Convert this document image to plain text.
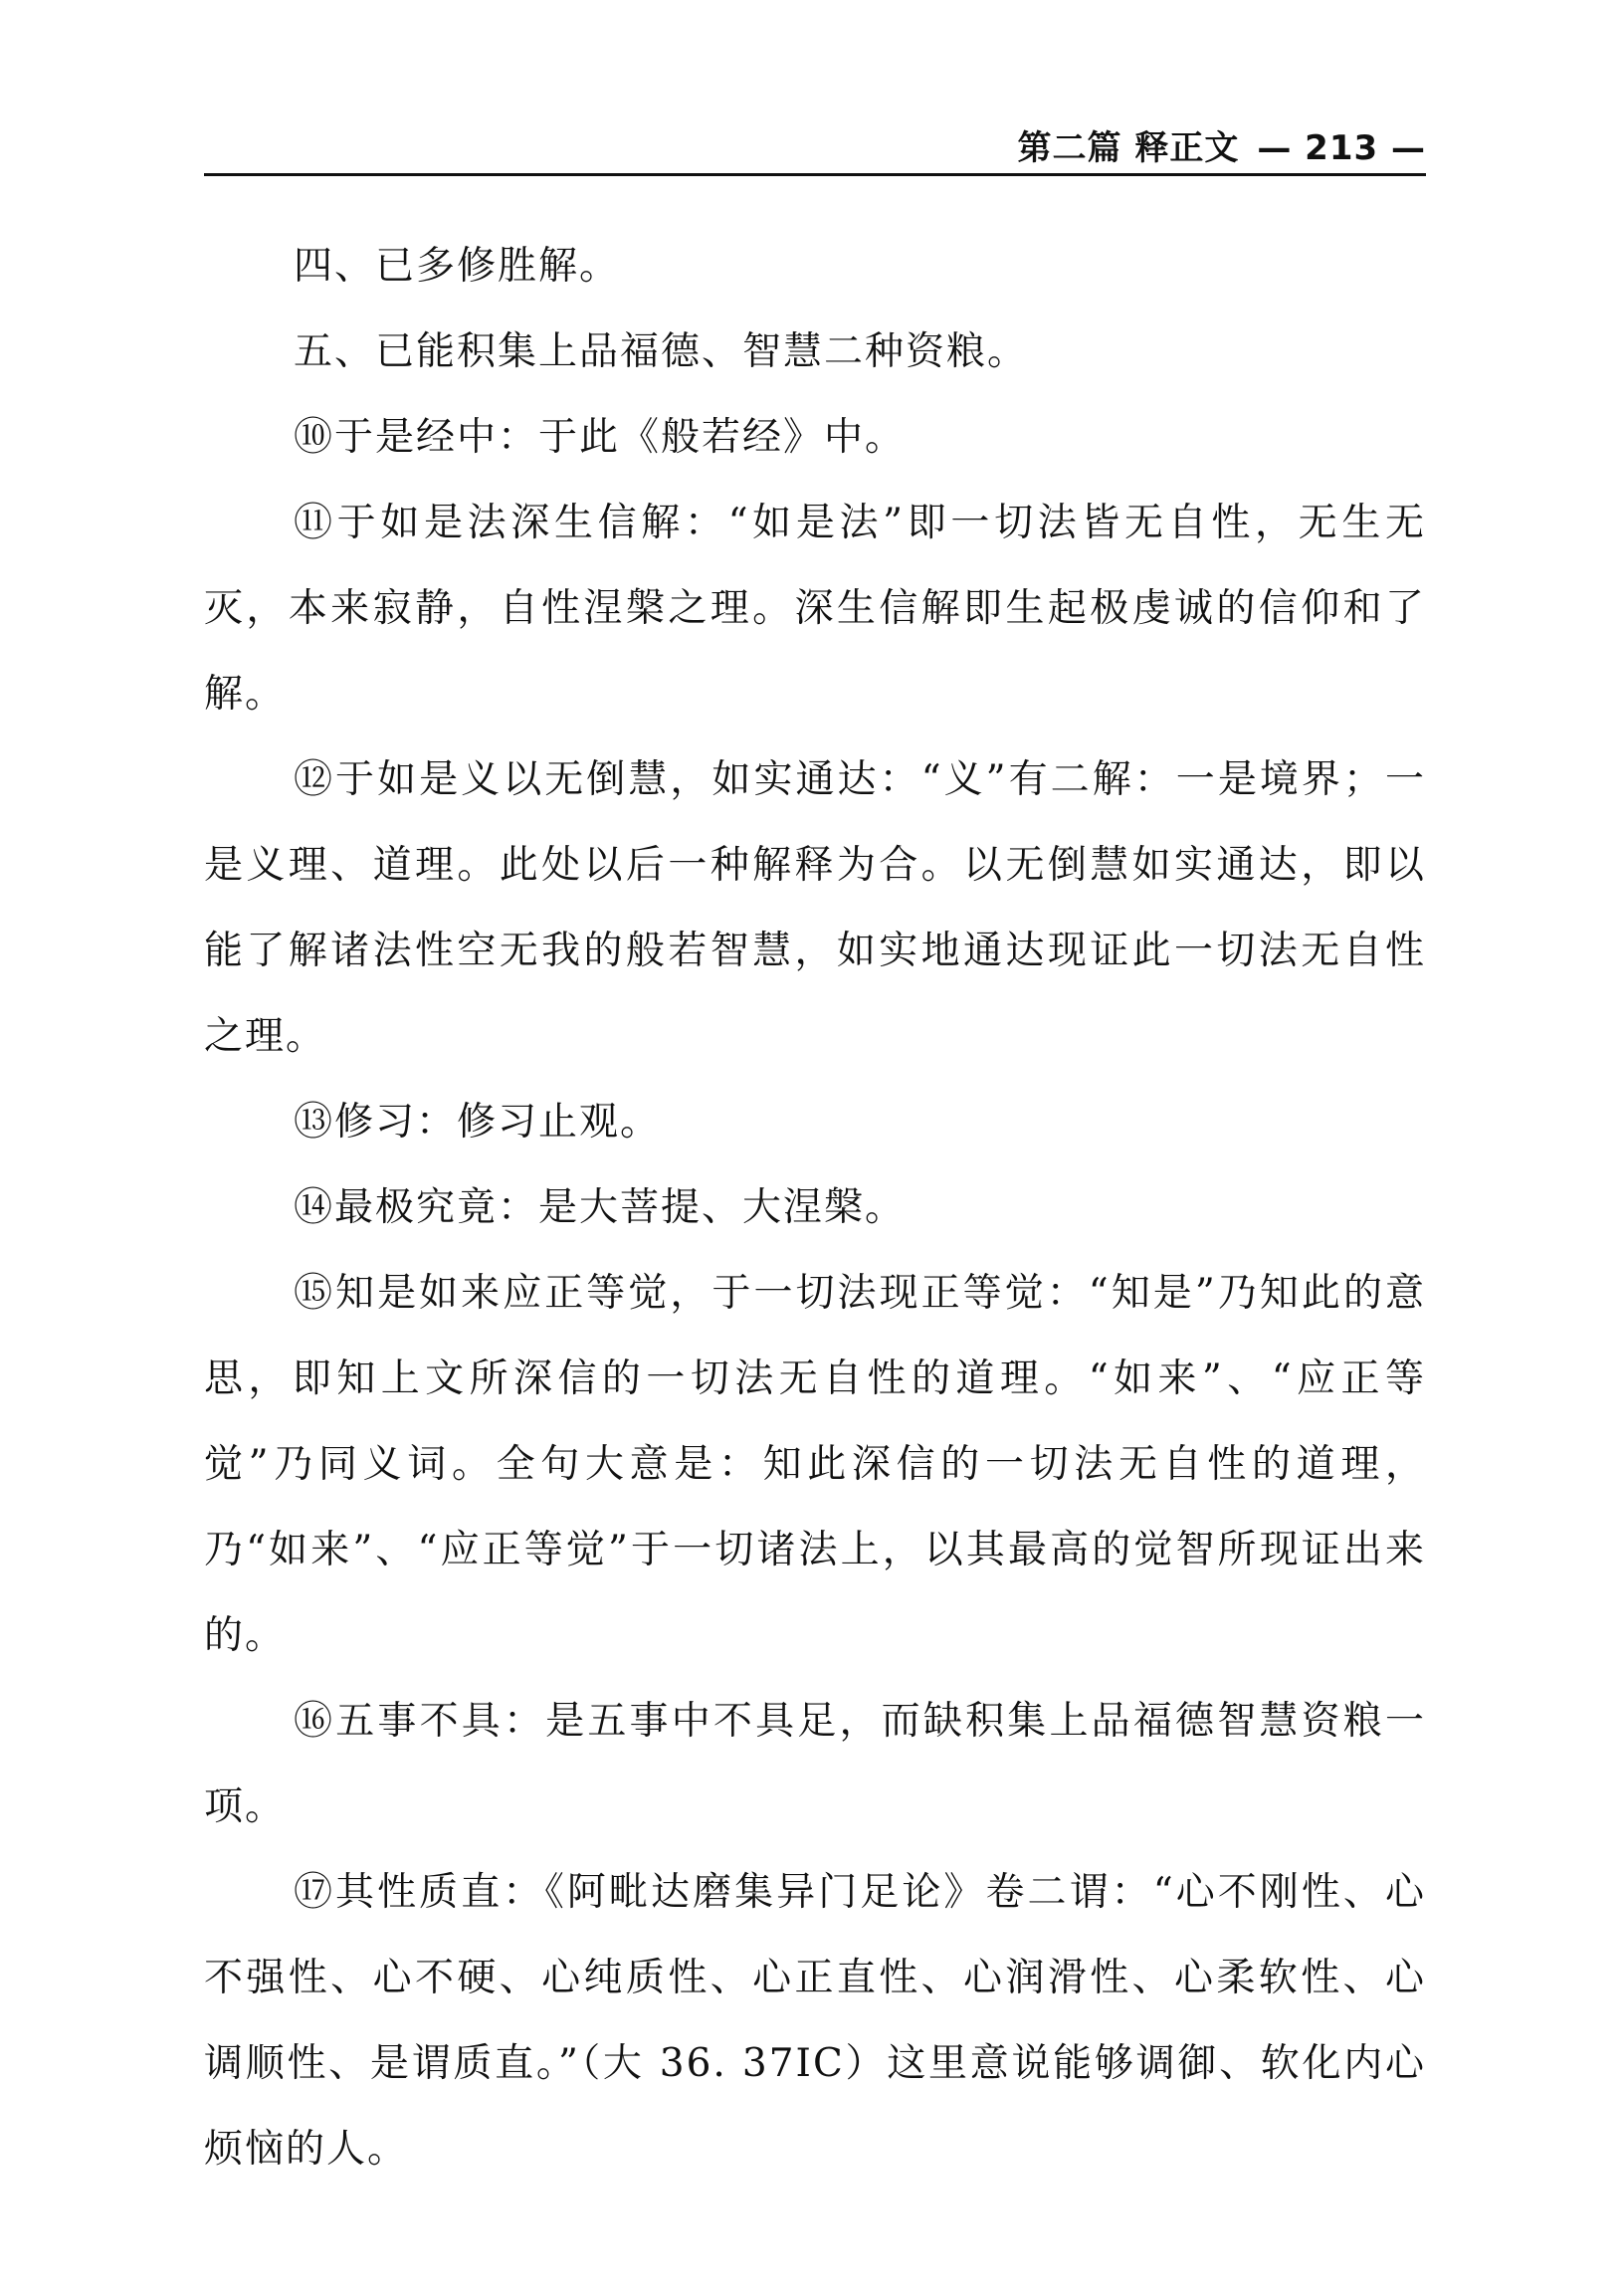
第二篇 释正文 — 213 —

四、已多修胜解。

五、已能积集上品福德、智慧二种资粮。

⑩于是经中：于此《般若经》中。

⑪于如是法深生信解：“如是法”即一切法皆无自性，无生无灭，本来寂静，自性涅槃之理。深生信解即生起极虔诚的信仰和了解。

⑫于如是义以无倒慧，如实通达：“义”有二解：一是境界；一是义理、道理。此处以后一种解释为合。以无倒慧如实通达，即以能了解诸法性空无我的般若智慧，如实地通达现证此一切法无自性之理。

⑬修习：修习止观。

⑭最极究竟：是大菩提、大涅槃。

⑮知是如来应正等觉，于一切法现正等觉：“知是”乃知此的意思，即知上文所深信的一切法无自性的道理。“如来”、“应正等觉”乃同义词。全句大意是：知此深信的一切法无自性的道理，乃“如来”、“应正等觉”于一切诸法上，以其最高的觉智所现证出来的。

⑯五事不具：是五事中不具足，而缺积集上品福德智慧资粮一项。

⑰其性质直：《阿毗达磨集异门足论》卷二谓：“心不刚性、心不强性、心不硬、心纯质性、心正直性、心润滑性、心柔软性、心调顺性、是谓质直。”（大 36. 37IC）这里意说能够调御、软化内心烦恼的人。
